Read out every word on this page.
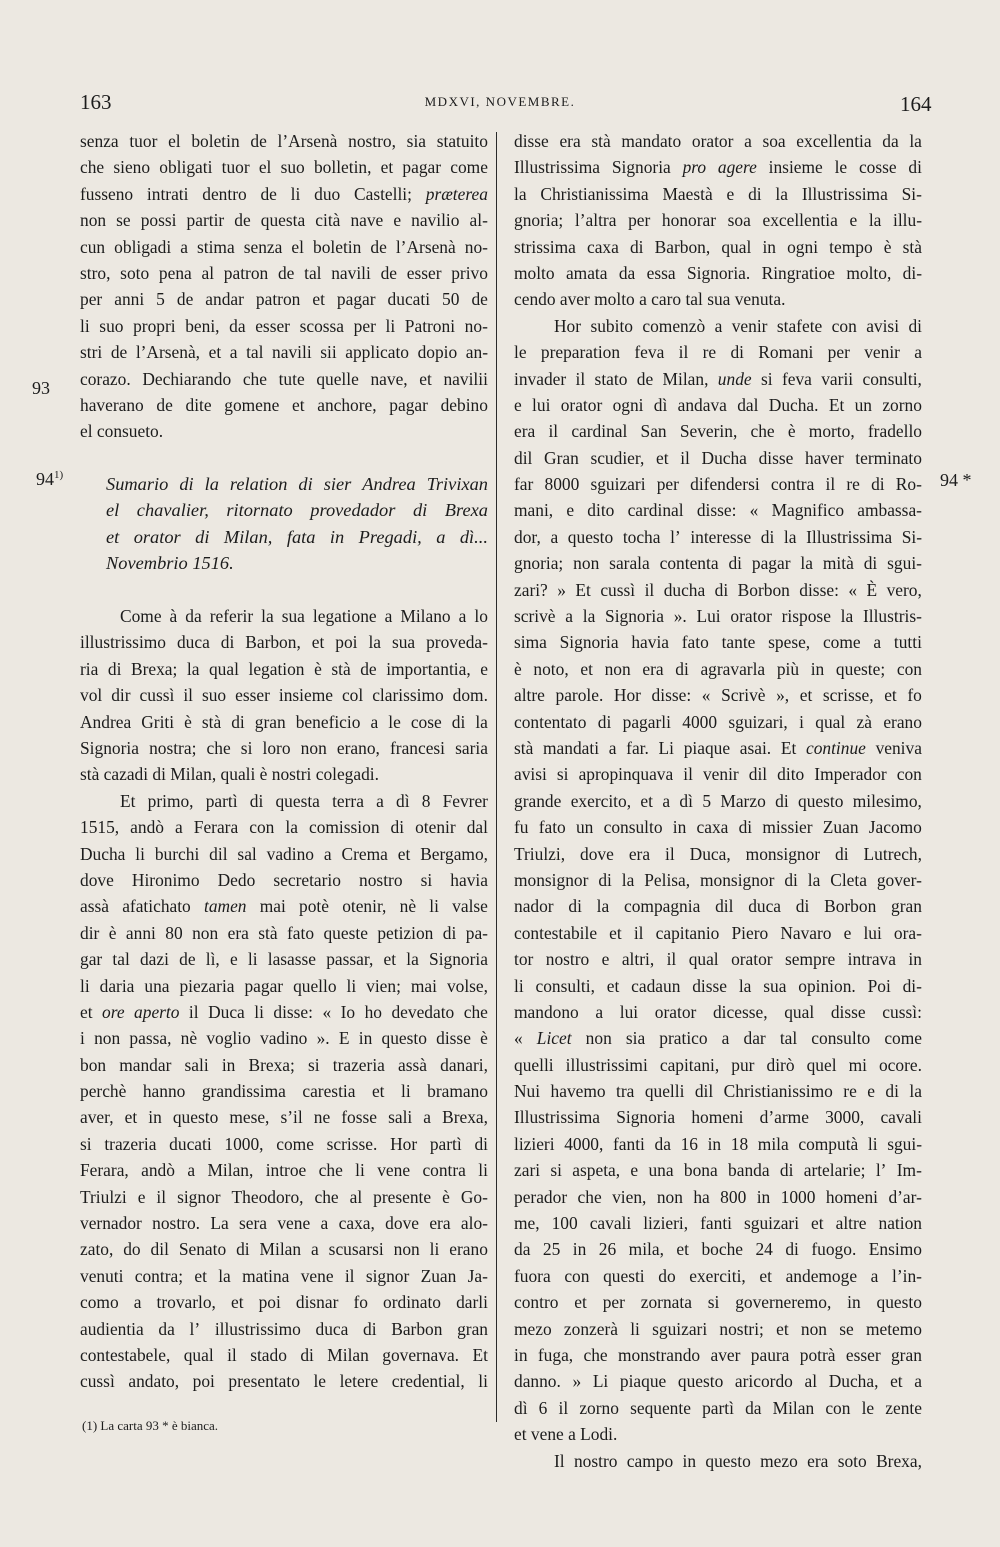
163	MDXVI, NOVEMBRE.	164
senza tuor el boletin de l’Arsenà nostro, sia statuito
che sieno obligati tuor el suo bolletin, et pagar come
fusseno intrati dentro de li duo Castelli; præterea
non se possi partir de questa cità nave e navilio al-
cun obligadi a stima senza el boletin de l’Arsenà no-
stro, soto pena al patron de tal navili de esser privo
per anni 5 de andar patron et pagar ducati 50 de
li suo propri beni, da esser scossa per li Patroni no-
stri de l’Arsenà, et a tal navili sii applicato dopio an-
corazo. Dechiarando che tute quelle nave, et navilii
haverano de dite gomene et anchore, pagar debino
el consueto.
Sumario di la relation di sier Andrea Trivixan
el chavalier, ritornato provedador di Brexa
et orator di Milan, fata in Pregadi, a dì...
Novembrio 1516.
Come à da referir la sua legatione a Milano a lo
illustrissimo duca di Barbon, et poi la sua proveda-
ria di Brexa; la qual legation è stà de importantia, e
vol dir cussì il suo esser insieme col clarissimo dom.
Andrea Griti è stà di gran beneficio a le cose di la
Signoria nostra; che si loro non erano, francesi saria
stà cazadi di Milan, quali è nostri colegadi.
Et primo, partì di questa terra a dì 8 Fevrer
1515, andò a Ferara con la comission di otenir dal
Ducha li burchi dil sal vadino a Crema et Bergamo,
dove Hironimo Dedo secretario nostro si havia
assà afatichato tamen mai potè otenir, nè li valse
dir è anni 80 non era stà fato queste petizion di pa-
gar tal dazi de lì, e li lasasse passar, et la Signoria
li daria una piezaria pagar quello li vien; mai volse,
et ore aperto il Duca li disse: « Io ho devedato che
i non passa, nè voglio vadino ». E in questo disse è
bon mandar sali in Brexa; si trazeria assà danari,
perchè hanno grandissima carestia et li bramano
aver, et in questo mese, s’il ne fosse sali a Brexa,
si trazeria ducati 1000, come scrisse. Hor partì di
Ferara, andò a Milan, introe che li vene contra li
Triulzi e il signor Theodoro, che al presente è Go-
vernador nostro. La sera vene a caxa, dove era alo-
zato, do dil Senato di Milan a scusarsi non li erano
venuti contra; et la matina vene il signor Zuan Ja-
como a trovarlo, et poi disnar fo ordinato darli
audientia da l’ illustrissimo duca di Barbon gran
contestabele, qual il stado di Milan governava. Et
cussì andato, poi presentato le letere credential, li
disse era stà mandato orator a soa excellentia da la
Illustrissima Signoria pro agere insieme le cosse di
la Christianissima Maestà e di la Illustrissima Si-
gnoria; l’altra per honorar soa excellentia e la illu-
strissima caxa di Barbon, qual in ogni tempo è stà
molto amata da essa Signoria. Ringratioe molto, di-
cendo aver molto a caro tal sua venuta.
Hor subito comenzò a venir stafete con avisi di
le preparation feva il re di Romani per venir a
invader il stato de Milan, unde si feva varii consulti,
e lui orator ogni dì andava dal Ducha. Et un zorno
era il cardinal San Severin, che è morto, fradello
dil Gran scudier, et il Ducha disse haver terminato
far 8000 sguizari per difendersi contra il re di Ro-
mani, e dito cardinal disse: « Magnifico ambassa-
dor, a questo tocha l’ interesse di la Illustrissima Si-
gnoria; non sarala contenta di pagar la mità di sgui-
zari? » Et cussì il ducha di Borbon disse: « È vero,
scrivè a la Signoria ». Lui orator rispose la Illustris-
sima Signoria havia fato tante spese, come a tutti
è noto, et non era di agravarla più in queste; con
altre parole. Hor disse: « Scrivè », et scrisse, et fo
contentato di pagarli 4000 sguizari, i qual zà erano
stà mandati a far. Li piaque asai. Et continue veniva
avisi si apropinquava il venir dil dito Imperador con
grande exercito, et a dì 5 Marzo di questo milesimo,
fu fato un consulto in caxa di missier Zuan Jacomo
Triulzi, dove era il Duca, monsignor di Lutrech,
monsignor di la Pelisa, monsignor di la Cleta gover-
nador di la compagnia dil duca di Borbon gran
contestabile et il capitanio Piero Navaro e lui ora-
tor nostro e altri, il qual orator sempre intrava in
li consulti, et cadaun disse la sua opinion. Poi di-
mandono a lui orator dicesse, qual disse cussì:
« Licet non sia pratico a dar tal consulto come
quelli illustrissimi capitani, pur dirò quel mi ocore.
Nui havemo tra quelli dil Christianissimo re e di la
Illustrissima Signoria homeni d’arme 3000, cavali
lizieri 4000, fanti da 16 in 18 mila computà li sgui-
zari si aspeta, e una bona banda di artelarie; l’ Im-
perador che vien, non ha 800 in 1000 homeni d’ar-
me, 100 cavali lizieri, fanti sguizari et altre nation
da 25 in 26 mila, et boche 24 di fuogo. Ensimo
fuora con questi do exerciti, et andemoge a l’in-
contro et per zornata si governeremo, in questo
mezo zonzerà li sguizari nostri; et non se metemo
in fuga, che monstrando aver paura potrà esser gran
danno. » Li piaque questo aricordo al Ducha, et a
dì 6 il zorno sequente partì da Milan con le zente
et vene a Lodi.
Il nostro campo in questo mezo era soto Brexa,
93
94$^{1)}$	94 *
(1) La carta 93 * è bianca.
